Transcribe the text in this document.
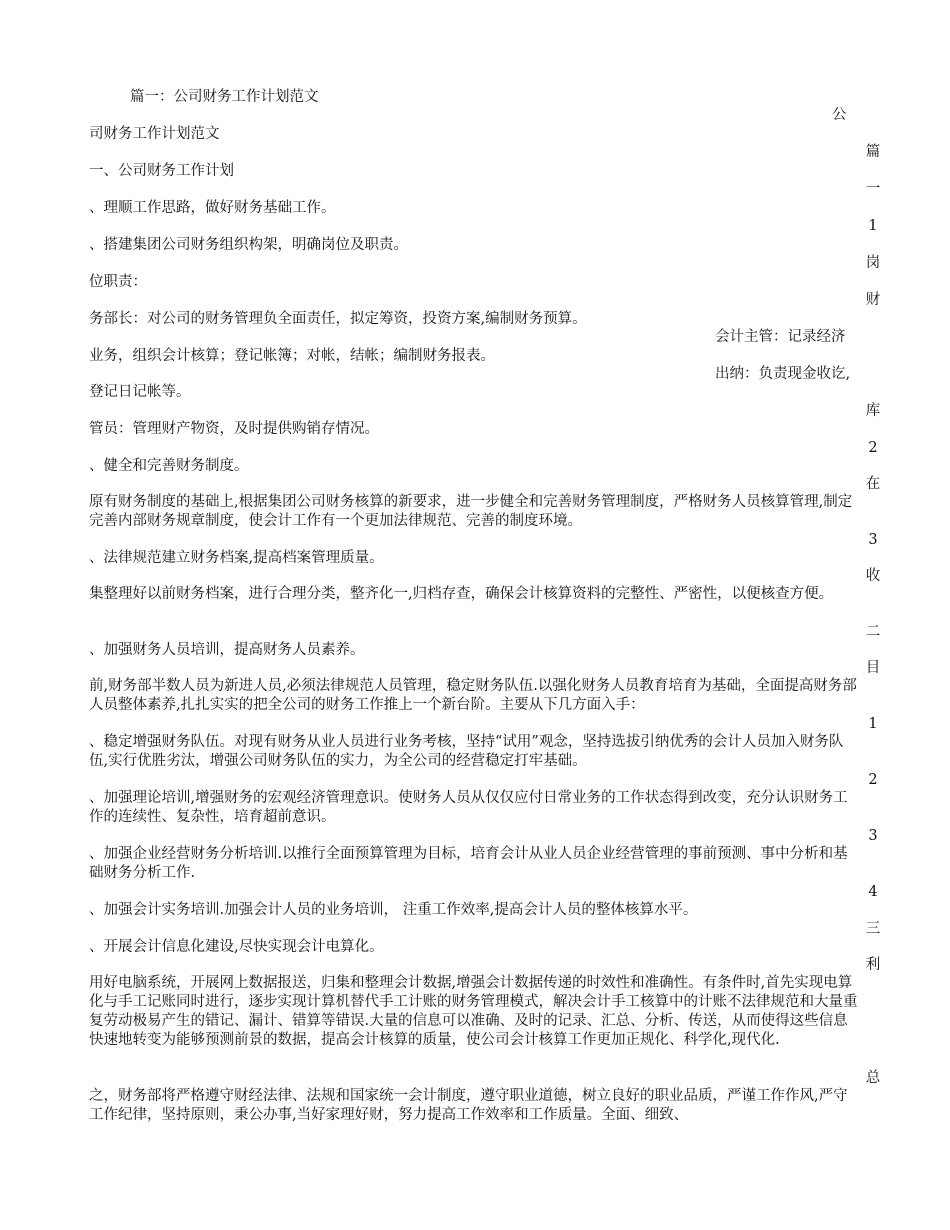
篇一：公司财务工作计划范文

司财务工作计划范文

一、公司财务工作计划

、理顺工作思路，做好财务基础工作。

、搭建集团公司财务组织构架，明确岗位及职责。

位职责：

务部长：对公司的财务管理负全面责任，拟定筹资，投资方案,编制财务预算。

业务，组织会计核算；登记帐簿；对帐，结帐；编制财务报表。

登记日记帐等。

管员：管理财产物资，及时提供购销存情况。

、健全和完善财务制度。

原有财务制度的基础上,根据集团公司财务核算的新要求，进一步健全和完善财务管理制度，严格财务人员核算管理,制定完善内部财务规章制度，使会计工作有一个更加法律规范、完善的制度环境。

、法律规范建立财务档案,提高档案管理质量。

集整理好以前财务档案，进行合理分类，整齐化一,归档存查，确保会计核算资料的完整性、严密性，以便核查方便。

、加强财务人员培训，提高财务人员素养。

前,财务部半数人员为新进人员,必须法律规范人员管理，稳定财务队伍.以强化财务人员教育培育为基础，全面提高财务部人员整体素养,扎扎实实的把全公司的财务工作推上一个新台阶。主要从下几方面入手：

、稳定增强财务队伍。对现有财务从业人员进行业务考核，坚持“试用”观念，坚持选拔引纳优秀的会计人员加入财务队伍,实行优胜劣汰，增强公司财务队伍的实力，为全公司的经营稳定打牢基础。

、加强理论培训,增强财务的宏观经济管理意识。使财务人员从仅仅应付日常业务的工作状态得到改变，充分认识财务工作的连续性、复杂性，培育超前意识。

、加强企业经营财务分析培训.以推行全面预算管理为目标，培育会计从业人员企业经营管理的事前预测、事中分析和基础财务分析工作.

、加强会计实务培训.加强会计人员的业务培训， 注重工作效率,提高会计人员的整体核算水平。

、开展会计信息化建设,尽快实现会计电算化。

用好电脑系统，开展网上数据报送，归集和整理会计数据,增强会计数据传递的时效性和准确性。有条件时,首先实现电算化与手工记账同时进行，逐步实现计算机替代手工计账的财务管理模式，解决会计手工核算中的计账不法律规范和大量重复劳动极易产生的错记、漏计、错算等错误.大量的信息可以准确、及时的记录、汇总、分析、传送，从而使得这些信息快速地转变为能够预测前景的数据，提高会计核算的质量，使公司会计核算工作更加正规化、科学化,现代化.

之，财务部将严格遵守财经法律、法规和国家统一会计制度，遵守职业道德，树立良好的职业品质，严谨工作作风,严守工作纪律，坚持原则，秉公办事,当好家理好财，努力提高工作效率和工作质量。全面、细致、

会计主管：记录经济

出纳：负责现金收讫,

公
篇
一
1
岗
财
库
2
在
3
收
二
目
1
2
3
4
三
利
总
